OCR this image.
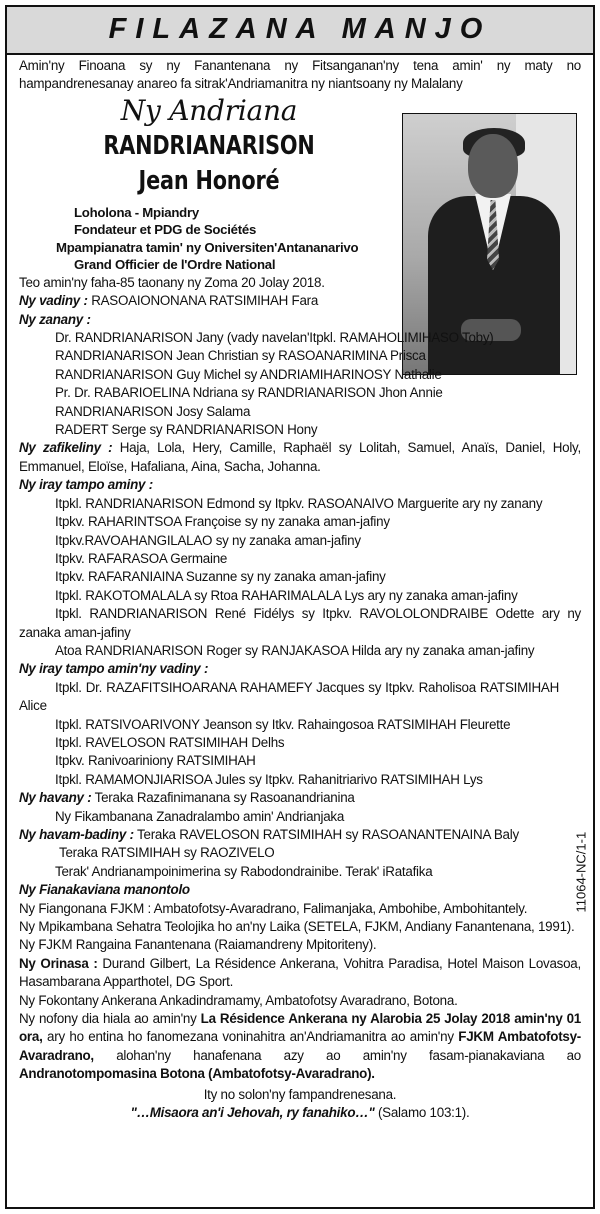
FILAZANA MANJO
11064-NC/1-1

Amin'ny Finoana sy ny Fanantenana ny Fitsanganan'ny tena amin' ny maty no hampandrenesanay anareo fa sitrak'Andriamanitra ny niantsoany ny Malalany

Ny Andriana
RANDRIANARISON
Jean Honoré
Loholona - Mpiandry
Fondateur et PDG de Sociétés
Mpampianatra tamin' ny Oniversiten'Antananarivo
Grand Officier de l'Ordre National

Teo amin'ny faha-85 taonany ny Zoma 20 Jolay 2018.

Ny vadiny : RASOAIONONANA RATSIMIHAH Fara

Ny zanany :

Dr. RANDRIANARISON Jany (vady navelan'Itpkl. RAMAHOLIMIHASO Toby)
RANDRIANARISON Jean Christian sy RASOANARIMINA Prisca
RANDRIANARISON Guy Michel sy ANDRIAMIHARINOSY Nathalie
Pr. Dr. RABARIOELINA Ndriana sy RANDRIANARISON Jhon Annie
RANDRIANARISON Josy Salama
RADERT Serge sy RANDRIANARISON Hony

Ny zafikeliny : Haja, Lola, Hery, Camille, Raphaël sy Lolitah, Samuel, Anaïs, Daniel, Holy, Emmanuel, Eloïse, Hafaliana, Aina, Sacha, Johanna.

Ny iray tampo aminy :

Itpkl. RANDRIANARISON Edmond sy Itpkv. RASOANAIVO Marguerite ary ny zanany
Itpkv. RAHARINTSOA Françoise sy ny zanaka aman-jafiny
Itpkv.RAVOAHANGILALAO sy ny zanaka aman-jafiny
Itpkv. RAFARASOA Germaine
Itpkv. RAFARANIAINA Suzanne sy ny zanaka aman-jafiny
Itpkl. RAKOTOMALALA sy Rtoa RAHARIMALALA Lys ary ny zanaka aman-jafiny
Itpkl. RANDRIANARISON René Fidélys sy Itpkv. RAVOLOLONDRAIBE Odette ary ny zanaka aman-jafiny
Atoa RANDRIANARISON Roger sy RANJAKASOA Hilda ary ny zanaka aman-jafiny

Ny iray tampo amin'ny vadiny :

Itpkl. Dr. RAZAFITSIHOARANA RAHAMEFY Jacques sy Itpkv. Raholisoa RATSIMIHAH Alice
Itpkl. RATSIVOARIVONY Jeanson sy Itkv. Rahaingosoa RATSIMIHAH Fleurette
Itpkl. RAVELOSON RATSIMIHAH Delhs
Itpkv. Ranivoariniony RATSIMIHAH
Itpkl. RAMAMONJIARISOA Jules sy Itpkv. Rahanitriarivo RATSIMIHAH Lys

Ny havany : Teraka Razafinimanana sy Rasoanandrianina

Ny Fikambanana Zanadralambo amin' Andrianjaka

Ny havam-badiny : Teraka RAVELOSON RATSIMIHAH sy RASOANANTENAINA Baly

Teraka RATSIMIHAH sy RAOZIVELO
Terak' Andrianampoinimerina sy Rabodondrainibe. Terak' iRatafika

Ny Fianakaviana manontolo

Ny Fiangonana FJKM : Ambatofotsy-Avaradrano, Falimanjaka, Ambohibe, Ambohitantely.
Ny Mpikambana Sehatra Teolojika ho an'ny Laika (SETELA, FJKM, Andiany Fanantenana, 1991).
Ny FJKM Rangaina Fanantenana (Raiamandreny Mpitoriteny).

Ny Orinasa : Durand Gilbert, La Résidence Ankerana, Vohitra Paradisa, Hotel Maison Lovasoa, Hasambarana Apparthotel, DG Sport.

Ny Fokontany Ankerana Ankadindramamy, Ambatofotsy Avaradrano, Botona.

Ny nofony dia hiala ao amin'ny La Résidence Ankerana ny Alarobia 25 Jolay 2018 amin'ny 01 ora, ary ho entina ho fanomezana voninahitra an'Andriamanitra ao amin'ny FJKM Ambatofotsy-Avaradrano, alohan'ny hanafenana azy ao amin'ny fasam-pianakaviana ao Andranotompomasina Botona (Ambatofotsy-Avaradrano).

Ity no solon'ny fampandrenesana.

"…Misaora an'i Jehovah, ry fanahiko…" (Salamo 103:1).
